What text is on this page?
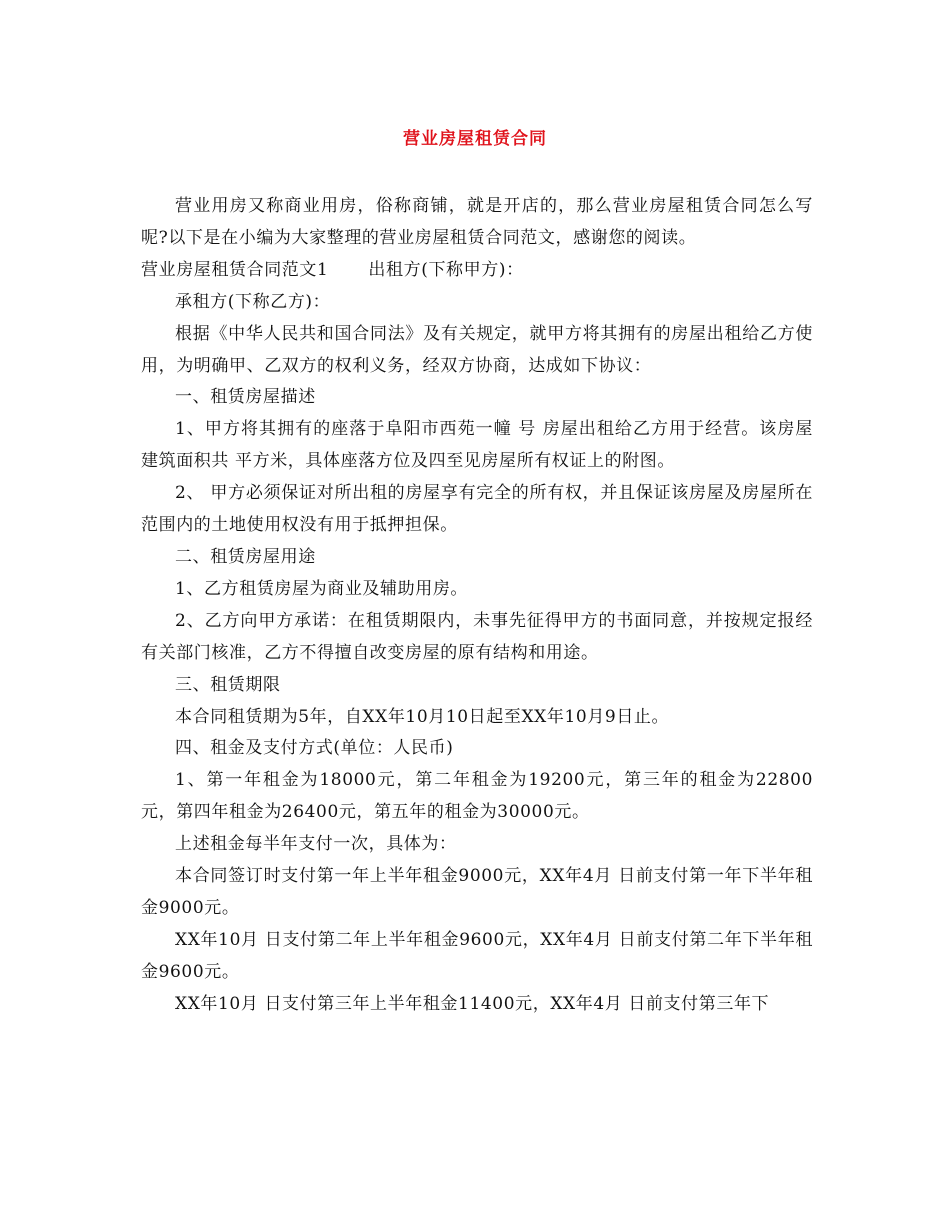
营业房屋租赁合同

营业用房又称商业用房，俗称商铺，就是开店的，那么营业房屋租赁合同怎么写呢?以下是在小编为大家整理的营业房屋租赁合同范文，感谢您的阅读。

营业房屋租赁合同范文1 出租方(下称甲方)：

承租方(下称乙方)：

根据《中华人民共和国合同法》及有关规定，就甲方将其拥有的房屋出租给乙方使用，为明确甲、乙双方的权利义务，经双方协商，达成如下协议：

一、租赁房屋描述

1、甲方将其拥有的座落于阜阳市西苑一幢 号 房屋出租给乙方用于经营。该房屋建筑面积共 平方米，具体座落方位及四至见房屋所有权证上的附图。

2、 甲方必须保证对所出租的房屋享有完全的所有权，并且保证该房屋及房屋所在范围内的土地使用权没有用于抵押担保。

二、租赁房屋用途

1、乙方租赁房屋为商业及辅助用房。

2、乙方向甲方承诺：在租赁期限内，未事先征得甲方的书面同意，并按规定报经有关部门核准，乙方不得擅自改变房屋的原有结构和用途。

三、租赁期限

本合同租赁期为5年，自XX年10月10日起至XX年10月9日止。

四、租金及支付方式(单位：人民币)

1、第一年租金为18000元，第二年租金为19200元，第三年的租金为22800元，第四年租金为26400元，第五年的租金为30000元。

上述租金每半年支付一次，具体为：

本合同签订时支付第一年上半年租金9000元，XX年4月 日前支付第一年下半年租金9000元。

XX年10月 日支付第二年上半年租金9600元，XX年4月 日前支付第二年下半年租金9600元。

XX年10月 日支付第三年上半年租金11400元，XX年4月 日前支付第三年下
